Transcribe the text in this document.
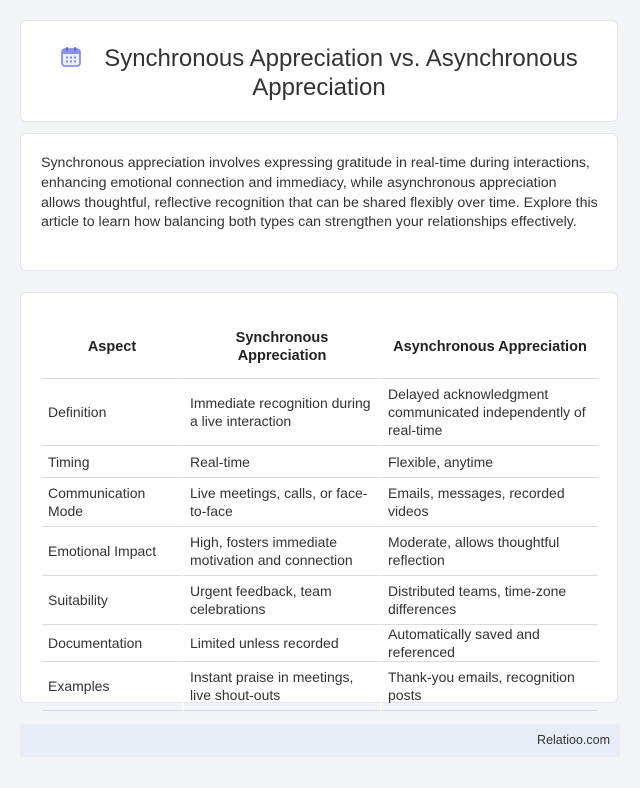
Synchronous Appreciation vs. Asynchronous Appreciation
Synchronous appreciation involves expressing gratitude in real-time during interactions, enhancing emotional connection and immediacy, while asynchronous appreciation allows thoughtful, reflective recognition that can be shared flexibly over time. Explore this article to learn how balancing both types can strengthen your relationships effectively.
Aspect	Synchronous Appreciation	Asynchronous Appreciation
Definition	Immediate recognition during a live interaction	Delayed acknowledgment communicated independently of real-time
Timing	Real-time	Flexible, anytime
Communication Mode	Live meetings, calls, or face-to-face	Emails, messages, recorded videos
Emotional Impact	High, fosters immediate motivation and connection	Moderate, allows thoughtful reflection
Suitability	Urgent feedback, team celebrations	Distributed teams, time-zone differences
Documentation	Limited unless recorded	Automatically saved and referenced
Examples	Instant praise in meetings, live shout-outs	Thank-you emails, recognition posts
Relatioo.com
